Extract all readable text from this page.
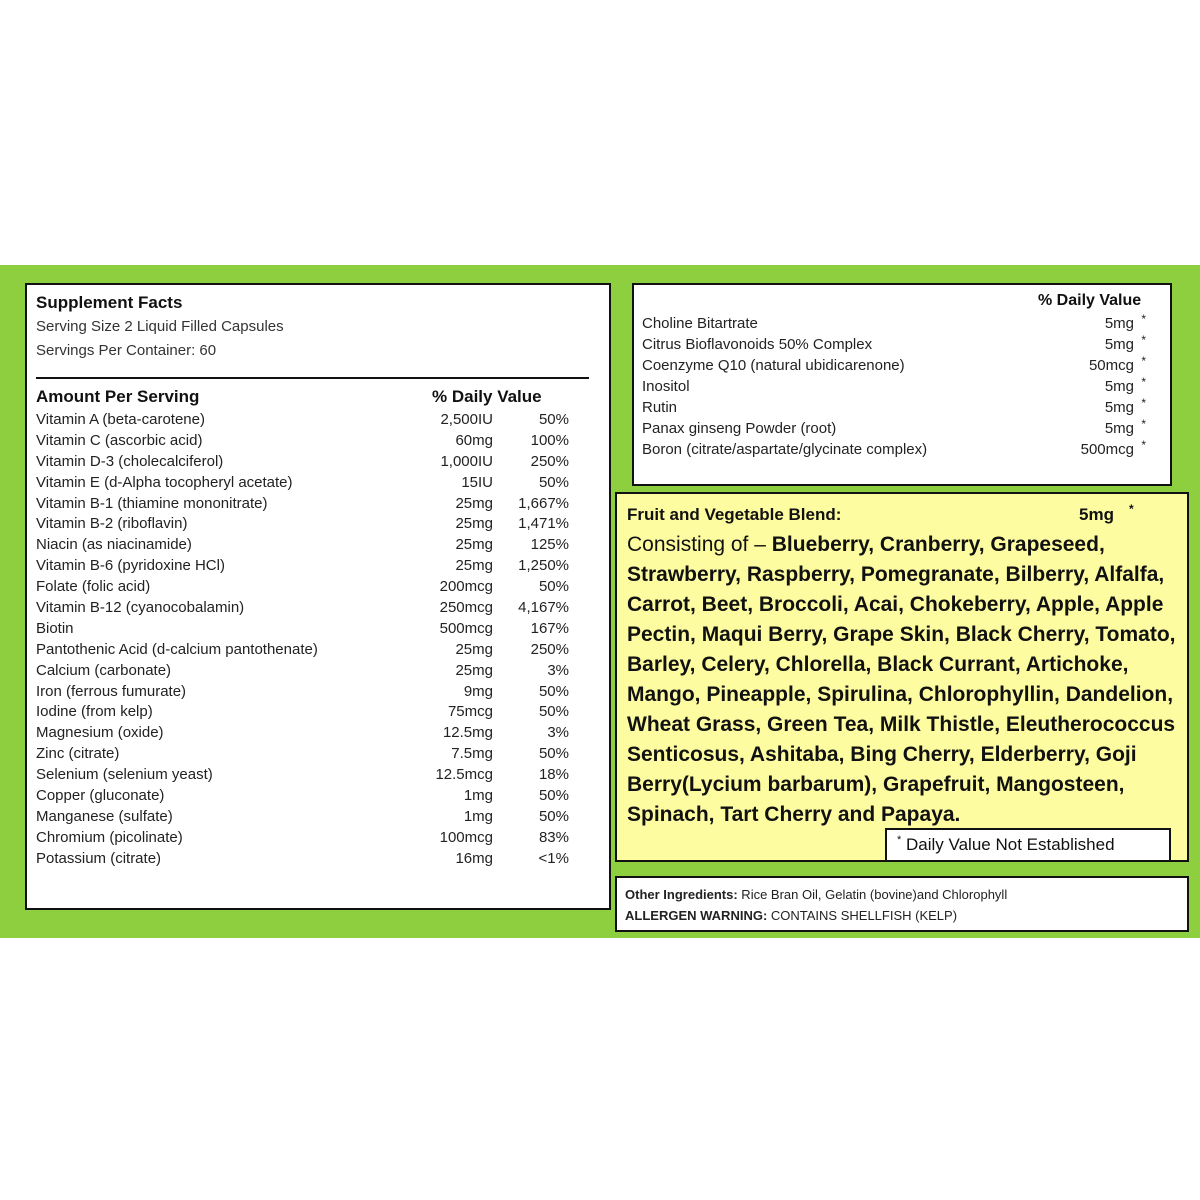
Supplement Facts
Serving Size 2 Liquid Filled Capsules
Servings Per Container: 60
Amount Per Serving	% Daily Value
Vitamin A (beta-carotene)	2,500IU	50%
Vitamin C (ascorbic acid)	60mg	100%
Vitamin D-3 (cholecalciferol)	1,000IU	250%
Vitamin E (d-Alpha tocopheryl acetate)	15IU	50%
Vitamin B-1 (thiamine mononitrate)	25mg 1,667%
Vitamin B-2 (riboflavin)	25mg 1,471%
Niacin (as niacinamide)	25mg	125%
Vitamin B-6 (pyridoxine HCl)	25mg 1,250%
Folate (folic acid)	200mcg	50%
Vitamin B-12 (cyanocobalamin)	250mcg 4,167%
Biotin	500mcg	167%
Pantothenic Acid (d-calcium pantothenate)	25mg	250%
Calcium (carbonate)	25mg	3%
Iron (ferrous fumurate)	9mg	50%
Iodine (from kelp)	75mcg	50%
Magnesium (oxide)	12.5mg	3%
Zinc (citrate)	7.5mg	50%
Selenium (selenium yeast)	12.5mcg	18%
Copper (gluconate)	1mg	50%
Manganese (sulfate)	1mg	50%
Chromium (picolinate)	100mcg	83%
Potassium (citrate)	16mg	<1%
% Daily Value
Choline Bitartrate	5mg *
Citrus Bioflavonoids 50% Complex	5mg *
Coenzyme Q10 (natural ubidicarenone)	50mcg *
Inositol	5mg *
Rutin	5mg *
Panax ginseng Powder (root)	5mg *
Boron (citrate/aspartate/glycinate complex)	500mcg *
Fruit and Vegetable Blend:	5mg *
Consisting of – Blueberry, Cranberry, Grapeseed, Strawberry, Raspberry, Pomegranate, Bilberry, Alfalfa, Carrot, Beet, Broccoli, Acai, Chokeberry, Apple, Apple Pectin, Maqui Berry, Grape Skin, Black Cherry, Tomato, Barley, Celery, Chlorella, Black Currant, Artichoke, Mango, Pineapple, Spirulina, Chlorophyllin, Dandelion, Wheat Grass, Green Tea, Milk Thistle, Eleutherococcus Senticosus, Ashitaba, Bing Cherry, Elderberry, Goji Berry(Lycium barbarum), Grapefruit, Mangosteen, Spinach, Tart Cherry and Papaya.
* Daily Value Not Established
Other Ingredients: Rice Bran Oil, Gelatin (bovine)and Chlorophyll
ALLERGEN WARNING: CONTAINS SHELLFISH (KELP)
